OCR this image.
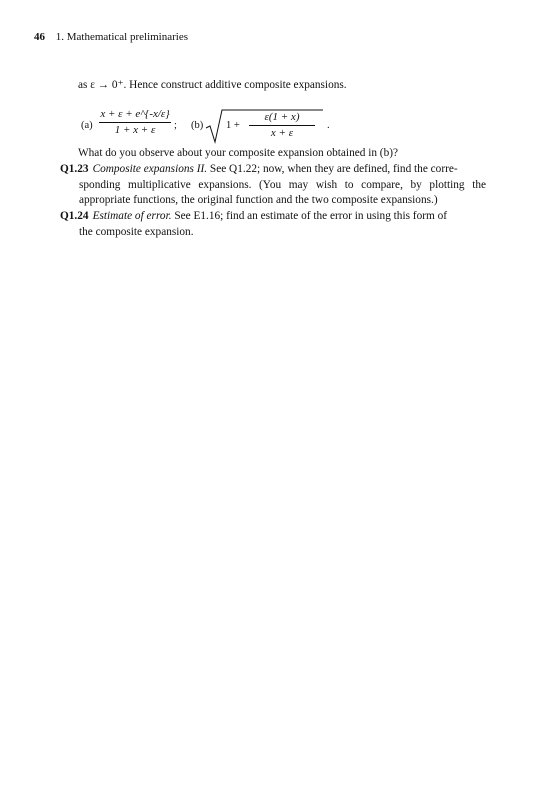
46 1. Mathematical preliminaries
as ε → 0⁺. Hence construct additive composite expansions.
(a)
x + ε + e^{-x/ε}
1 + x + ε	; (b) 1 +
ε(1 + x)
x + ε
.
What do you observe about your composite expansion obtained in (b)?
Q1.23 Composite expansions II. See Q1.22; now, when they are defined, find the corre-
sponding multiplicative expansions. (You may wish to compare, by plotting the appropriate functions, the original function and the two composite expansions.)
Q1.24 Estimate of error. See E1.16; find an estimate of the error in using this form of
the composite expansion.
